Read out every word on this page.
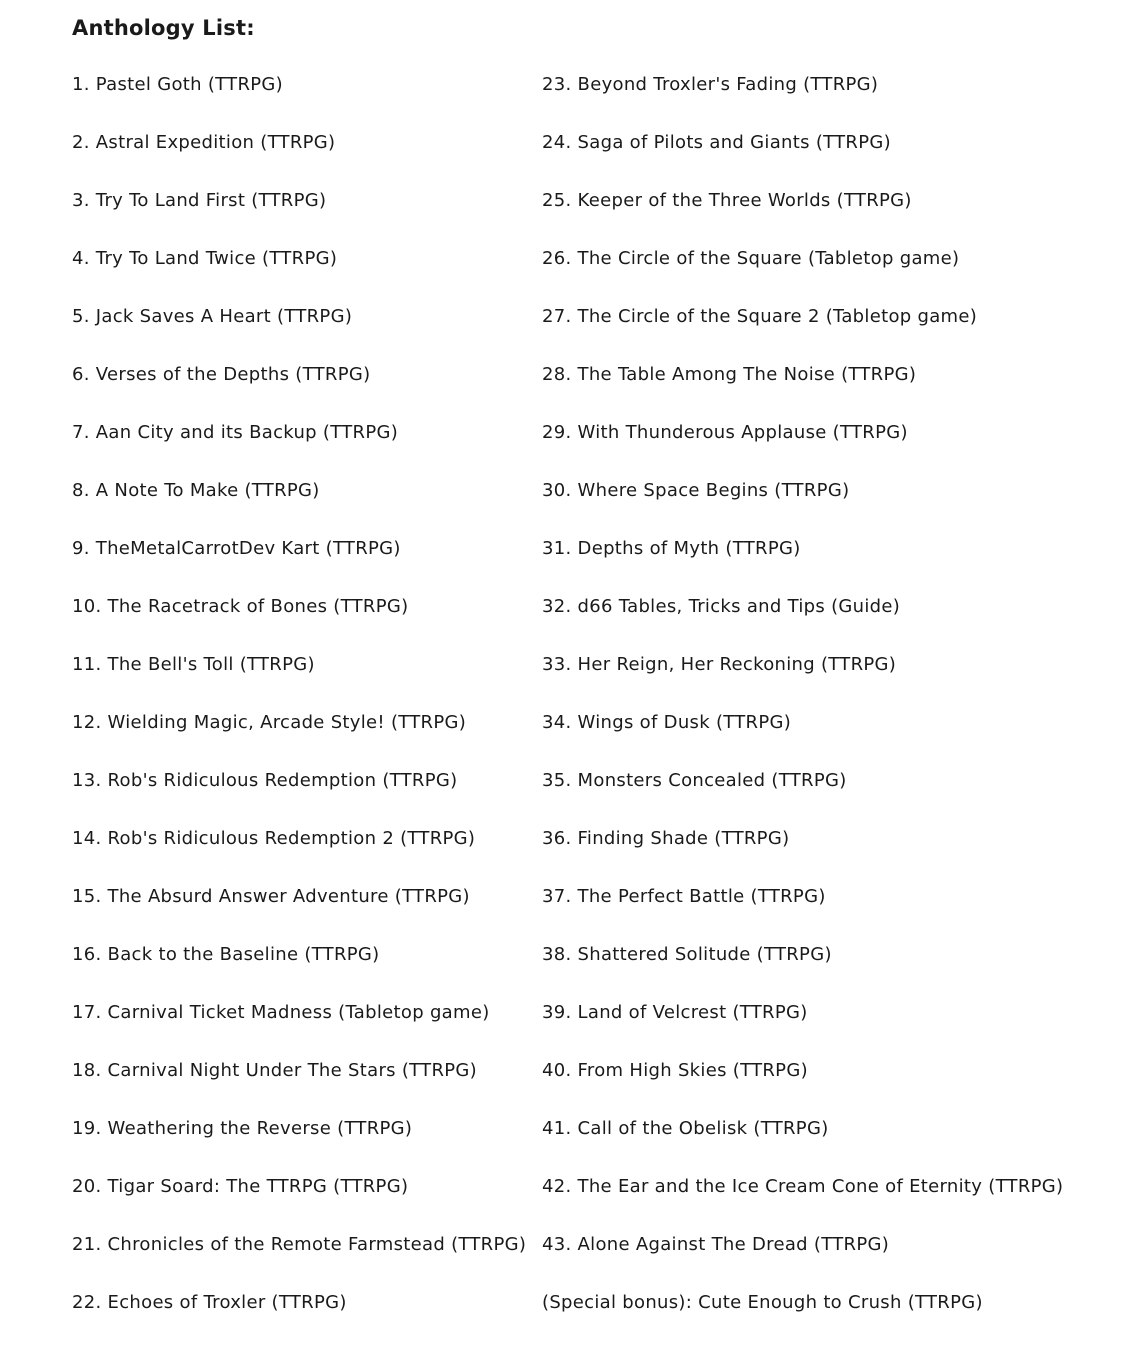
Anthology List:
1. Pastel Goth (TTRPG)
2. Astral Expedition (TTRPG)
3. Try To Land First (TTRPG)
4. Try To Land Twice (TTRPG)
5. Jack Saves A Heart (TTRPG)
6. Verses of the Depths (TTRPG)
7. Aan City and its Backup (TTRPG)
8. A Note To Make (TTRPG)
9. TheMetalCarrotDev Kart (TTRPG)
10. The Racetrack of Bones (TTRPG)
11. The Bell's Toll (TTRPG)
12. Wielding Magic, Arcade Style! (TTRPG)
13. Rob's Ridiculous Redemption (TTRPG)
14. Rob's Ridiculous Redemption 2 (TTRPG)
15. The Absurd Answer Adventure (TTRPG)
16. Back to the Baseline (TTRPG)
17. Carnival Ticket Madness (Tabletop game)
18. Carnival Night Under The Stars (TTRPG)
19. Weathering the Reverse (TTRPG)
20. Tigar Soard: The TTRPG (TTRPG)
21. Chronicles of the Remote Farmstead (TTRPG)
22. Echoes of Troxler (TTRPG)
23. Beyond Troxler's Fading (TTRPG)
24. Saga of Pilots and Giants (TTRPG)
25. Keeper of the Three Worlds (TTRPG)
26. The Circle of the Square (Tabletop game)
27. The Circle of the Square 2 (Tabletop game)
28. The Table Among The Noise (TTRPG)
29. With Thunderous Applause (TTRPG)
30. Where Space Begins (TTRPG)
31. Depths of Myth (TTRPG)
32. d66 Tables, Tricks and Tips (Guide)
33. Her Reign, Her Reckoning (TTRPG)
34. Wings of Dusk (TTRPG)
35. Monsters Concealed (TTRPG)
36. Finding Shade (TTRPG)
37. The Perfect Battle (TTRPG)
38. Shattered Solitude (TTRPG)
39. Land of Velcrest (TTRPG)
40. From High Skies (TTRPG)
41. Call of the Obelisk (TTRPG)
42. The Ear and the Ice Cream Cone of Eternity (TTRPG)
43. Alone Against The Dread (TTRPG)
(Special bonus): Cute Enough to Crush (TTRPG)
